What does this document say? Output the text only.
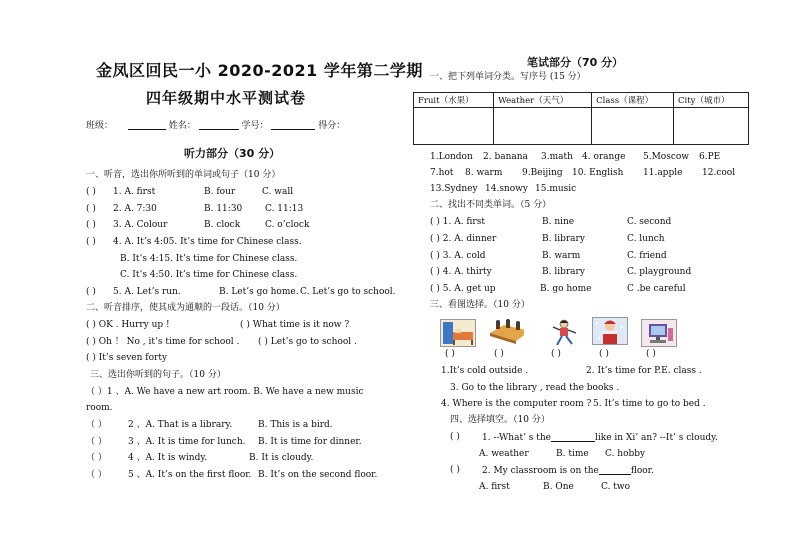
金凤区回民一小 2020-2021 学年第二学期
四年级期中水平测试卷
班级：	姓名：	学号：	得分：
听力部分（30 分）
一、听音，选出你所听到的单词或句子（10 分）
( ) 1. A. first	B. four	C. wall
( ) 2. A. 7:30	B. 11:30	C. 11:13
( ) 3. A. Colour	B. clock	C. o’clock
( ) 4. A. It’s 4:05. It’s time for Chinese class.
B. It’s 4:15. It’s time for Chinese class.
C. It’s 4:50. It’s time for Chinese class.
( ) 5. A. Let’s run.	B. Let’s go home. C. Let’s go to school.
二、听音排序，使其成为通顺的一段话。（10 分）
( ) OK . Hurry up !	( ) What time is it now ?
( ) Oh ！ No , it’s time for school . ( ) Let’s go to school .
( ) It’s seven forty
三、选出你听到的句子。（10 分）
（ ）1 、A. We have a new art room. B. We have a new music
room.
（ ） 2 、A. That is a library.	B. This is a bird.
（ ） 3 、A. It is time for lunch. B. It is time for dinner.
（ ） 4 、A. It is windy.	B. It is cloudy.
（ ） 5 、A. It’s on the first floor. B. It’s on the second floor.
笔试部分（70 分）
一、把下列单词分类。写序号 (15 分）
Fruit（水果）	Weather（天气）	Class（课程）	City（城市）

1.London 2. banana 3.math 4. orange 5.Moscow 6.PE
7.hot 8. warm 9.Beijing 10. English 11.apple 12.cool
13.Sydney 14.snowy 15.music
二、找出不同类单词。（5 分）
( ) 1. A. first	B. nine	C. second
( ) 2. A. dinner	B. library	C. lunch
( ) 3. A. cold	B. warm	C. friend
( ) 4. A. thirty	B. library	C. playground
( ) 5. A. get up	B. go home	C .be careful
三、看图选择。（10 分）
( )	( )	( )	( )	( )
1.It’s cold outside .	2. It’s time for P.E. class .
3. Go to the library , read the books .
4. Where is the computer room ? 5. It’s time to go to bed .
四、选择填空。（10 分）
( ) 1. --What’ s the	like in Xi’ an? --It’ s cloudy.
A. weather	B. time C. hobby
( ) 2. My classroom is on the	floor.
A. first	B. One	C. two
